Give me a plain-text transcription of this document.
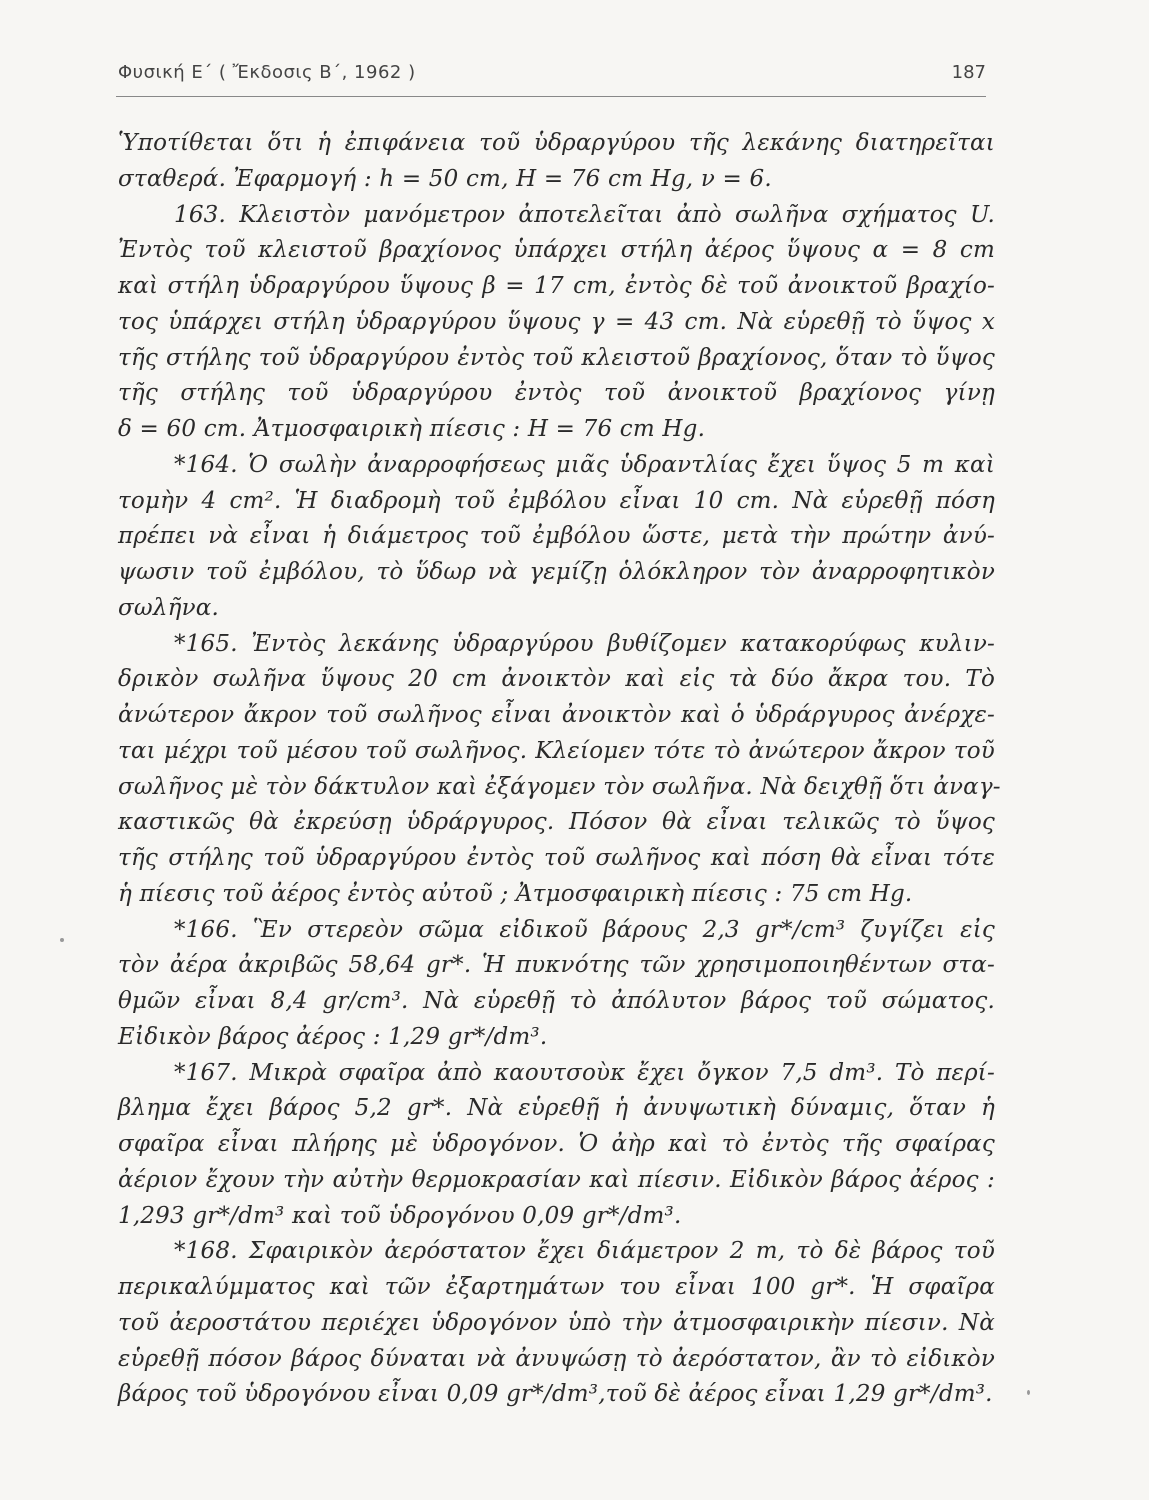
Φυσική Ε΄ ( Ἔκδοσις Β΄, 1962 )	187
Ὑποτίθεται ὅτι ἡ ἐπιφάνεια τοῦ ὑδραργύρου τῆς λεκάνης διατηρεῖται
σταθερά. Ἐφαρμογή : h = 50 cm, H = 76 cm Hg, ν = 6.
163. Κλειστὸν μανόμετρον ἀποτελεῖται ἀπὸ σωλῆνα σχήματος U.
Ἐντὸς τοῦ κλειστοῦ βραχίονος ὑπάρχει στήλη ἀέρος ὕψους α = 8 cm
καὶ στήλη ὑδραργύρου ὕψους β = 17 cm, ἐντὸς δὲ τοῦ ἀνοικτοῦ βραχίο-
τος ὑπάρχει στήλη ὑδραργύρου ὕψους γ = 43 cm. Νὰ εὑρεθῇ τὸ ὕψος x
τῆς στήλης τοῦ ὑδραργύρου ἐντὸς τοῦ κλειστοῦ βραχίονος, ὅταν τὸ ὕψος
τῆς στήλης τοῦ ὑδραργύρου ἐντὸς τοῦ ἀνοικτοῦ βραχίονος γίνῃ
δ = 60 cm. Ἀτμοσφαιρικὴ πίεσις : H = 76 cm Hg.
*164. Ὁ σωλὴν ἀναρροφήσεως μιᾶς ὑδραντλίας ἔχει ὕψος 5 m καὶ
τομὴν 4 cm². Ἡ διαδρομὴ τοῦ ἐμβόλου εἶναι 10 cm. Νὰ εὑρεθῇ πόση
πρέπει νὰ εἶναι ἡ διάμετρος τοῦ ἐμβόλου ὥστε, μετὰ τὴν πρώτην ἀνύ-
ψωσιν τοῦ ἐμβόλου, τὸ ὕδωρ νὰ γεμίζῃ ὁλόκληρον τὸν ἀναρροφητικὸν
σωλῆνα.
*165. Ἐντὸς λεκάνης ὑδραργύρου βυθίζομεν κατακορύφως κυλιν-
δρικὸν σωλῆνα ὕψους 20 cm ἀνοικτὸν καὶ εἰς τὰ δύο ἄκρα του. Τὸ
ἀνώτερον ἄκρον τοῦ σωλῆνος εἶναι ἀνοικτὸν καὶ ὁ ὑδράργυρος ἀνέρχε-
ται μέχρι τοῦ μέσου τοῦ σωλῆνος. Κλείομεν τότε τὸ ἀνώτερον ἄκρον τοῦ
σωλῆνος μὲ τὸν δάκτυλον καὶ ἐξάγομεν τὸν σωλῆνα. Νὰ δειχθῇ ὅτι ἀναγ-
καστικῶς θὰ ἐκρεύσῃ ὑδράργυρος. Πόσον θὰ εἶναι τελικῶς τὸ ὕψος
τῆς στήλης τοῦ ὑδραργύρου ἐντὸς τοῦ σωλῆνος καὶ πόση θὰ εἶναι τότε
ἡ πίεσις τοῦ ἀέρος ἐντὸς αὐτοῦ ; Ἀτμοσφαιρικὴ πίεσις : 75 cm Hg.
*166. Ἓν στερεὸν σῶμα εἰδικοῦ βάρους 2,3 gr*/cm³ ζυγίζει εἰς
τὸν ἀέρα ἀκριβῶς 58,64 gr*. Ἡ πυκνότης τῶν χρησιμοποιηθέντων στα-
θμῶν εἶναι 8,4 gr/cm³. Νὰ εὑρεθῇ τὸ ἀπόλυτον βάρος τοῦ σώματος.
Εἰδικὸν βάρος ἀέρος : 1,29 gr*/dm³.
*167. Μικρὰ σφαῖρα ἀπὸ καουτσοὺκ ἔχει ὄγκον 7,5 dm³. Τὸ περί-
βλημα ἔχει βάρος 5,2 gr*. Νὰ εὑρεθῇ ἡ ἀνυψωτικὴ δύναμις, ὅταν ἡ
σφαῖρα εἶναι πλήρης μὲ ὑδρογόνον. Ὁ ἀὴρ καὶ τὸ ἐντὸς τῆς σφαίρας
ἀέριον ἔχουν τὴν αὐτὴν θερμοκρασίαν καὶ πίεσιν. Εἰδικὸν βάρος ἀέρος :
1,293 gr*/dm³ καὶ τοῦ ὑδρογόνου 0,09 gr*/dm³.
*168. Σφαιρικὸν ἀερόστατον ἔχει διάμετρον 2 m, τὸ δὲ βάρος τοῦ
περικαλύμματος καὶ τῶν ἐξαρτημάτων του εἶναι 100 gr*. Ἡ σφαῖρα
τοῦ ἀεροστάτου περιέχει ὑδρογόνον ὑπὸ τὴν ἀτμοσφαιρικὴν πίεσιν. Νὰ
εὑρεθῇ πόσον βάρος δύναται νὰ ἀνυψώσῃ τὸ ἀερόστατον, ἂν τὸ εἰδικὸν
βάρος τοῦ ὑδρογόνου εἶναι 0,09 gr*/dm³,τοῦ δὲ ἀέρος εἶναι 1,29 gr*/dm³.
